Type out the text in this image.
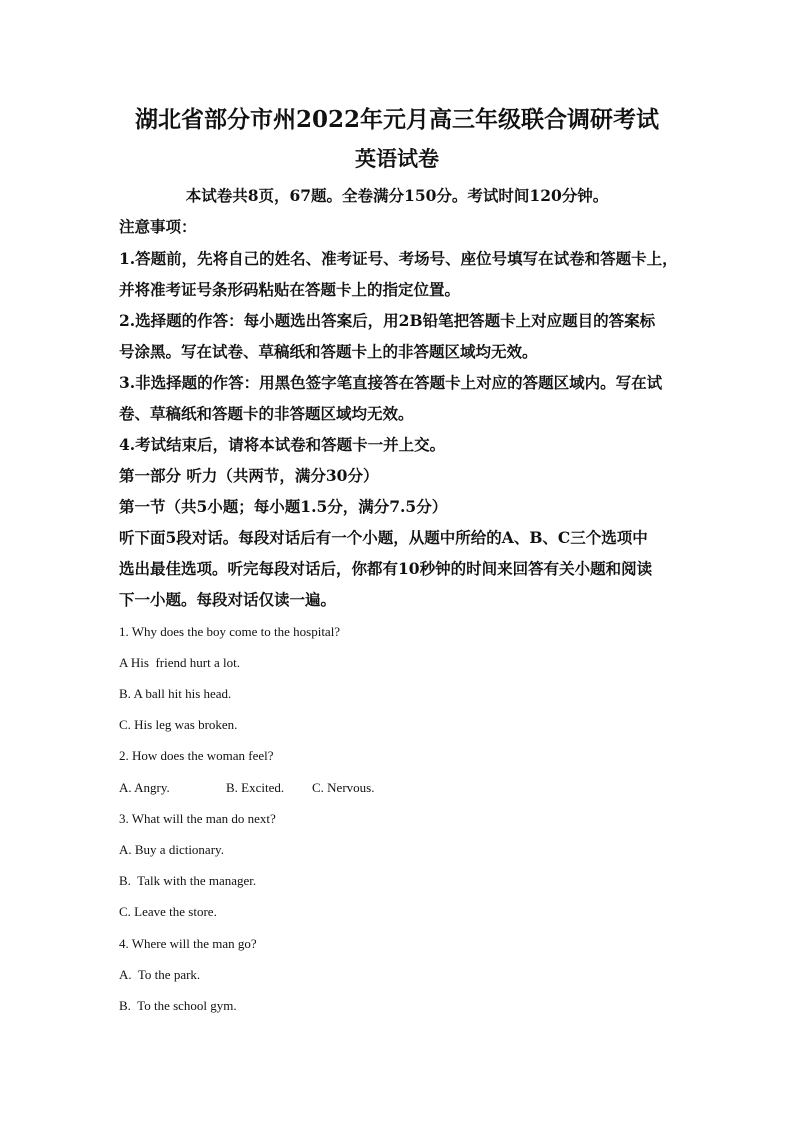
湖北省部分市州2022年元月高三年级联合调研考试
英语试卷
本试卷共8页，67题。全卷满分150分。考试时间120分钟。
注意事项：
1.答题前，先将自己的姓名、准考证号、考场号、座位号填写在试卷和答题卡上，
并将准考证号条形码粘贴在答题卡上的指定位置。
2.选择题的作答：每小题选出答案后，用2B铅笔把答题卡上对应题目的答案标
号涂黑。写在试卷、草稿纸和答题卡上的非答题区域均无效。
3.非选择题的作答：用黑色签字笔直接答在答题卡上对应的答题区域内。写在试
卷、草稿纸和答题卡的非答题区域均无效。
4.考试结束后，请将本试卷和答题卡一并上交。
第一部分 听力（共两节，满分30分）
第一节（共5小题；每小题1.5分，满分7.5分）
听下面5段对话。每段对话后有一个小题，从题中所给的A、B、C三个选项中
选出最佳选项。听完每段对话后，你都有10秒钟的时间来回答有关小题和阅读
下一小题。每段对话仅读一遍。
1. Why does the boy come to the hospital?
A His  friend hurt a lot.
B. A ball hit his head.
C. His leg was broken.
2. How does the woman feel?
A. Angry.	B. Excited.	C. Nervous.
3. What will the man do next?
A. Buy a dictionary.
B.  Talk with the manager.
C. Leave the store.
4. Where will the man go?
A.  To the park.
B.  To the school gym.
